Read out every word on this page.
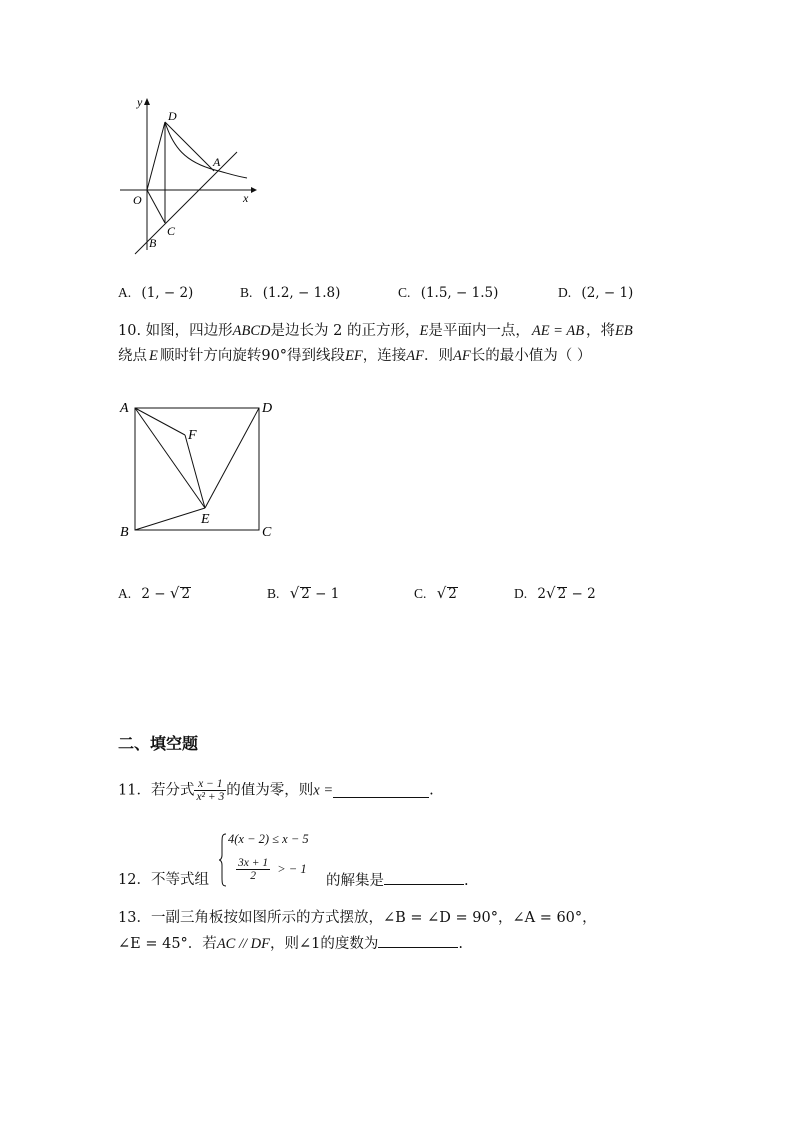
y
x
O
D
A
B
C
A. (1, − 2)	B. (1.2, − 1.8)	C. (1.5, − 1.5)	D. (2, − 1)
10. 如图，四边形ABCD是边长为 2 的正方形，E是平面内一点， AE = AB ，将EB
绕点 E 顺时针方向旋转90°得到线段EF，连接AF．则AF长的最小值为（ ）
A	D
F
E
B	C
A. 2 − √ 2	B. √ 2 − 1	C. √ 2	D. 2√ 2 − 2
二、填空题
11．若分式 $\frac{x - 1}{\text{x² + 3}}$ 的值为零，则x =	.
12．不等式组
4(x − 2) ≤ x − 5
$\frac{3x + 1}{2}$ > − 1
的解集是	.
13．一副三角板按如图所示的方式摆放，∠B = ∠D = 90°，∠A = 60°，
∠E = 45°．若AC // DF，则∠1的度数为	.
